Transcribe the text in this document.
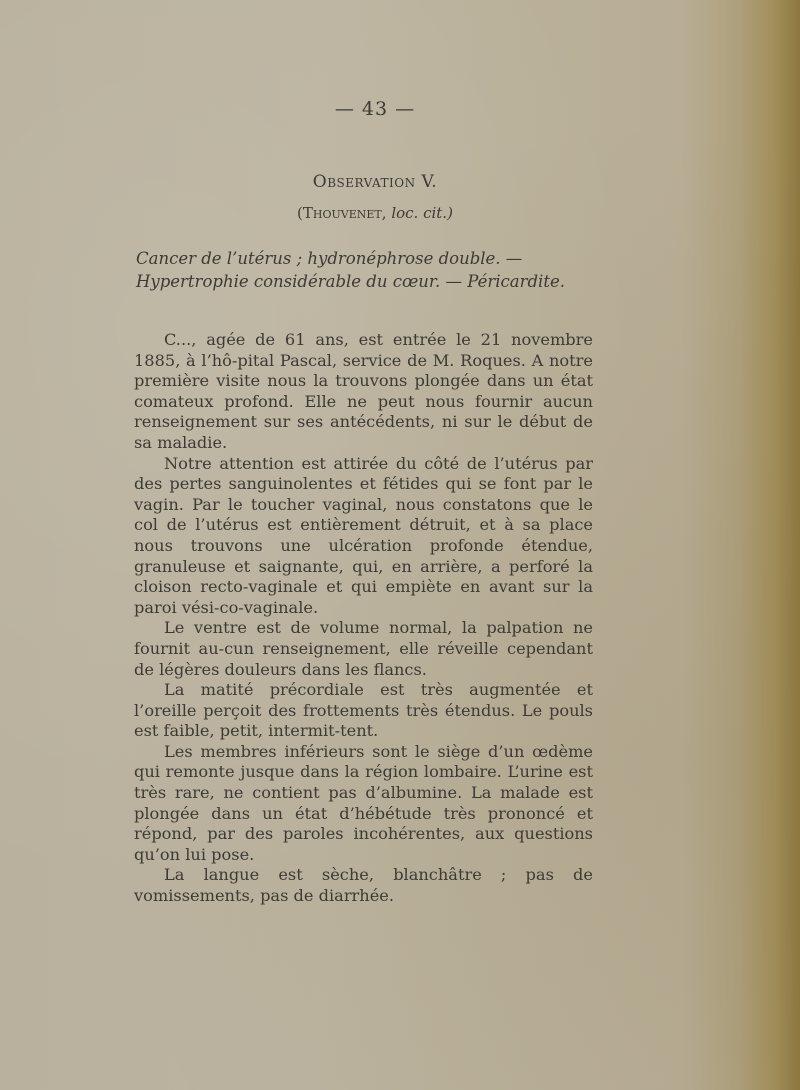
— 43 —
Observation V.
(Thouvenet, loc. cit.)
Cancer de l’utérus ; hydronéphrose double. — Hypertrophie considérable du cœur. — Péricardite.

C..., agée de 61 ans, est entrée le 21 novembre 1885, à l’hô-pital Pascal, service de M. Roques. A notre première visite nous la trouvons plongée dans un état comateux profond. Elle ne peut nous fournir aucun renseignement sur ses antécédents, ni sur le début de sa maladie.

Notre attention est attirée du côté de l’utérus par des pertes sanguinolentes et fétides qui se font par le vagin. Par le toucher vaginal, nous constatons que le col de l’utérus est entièrement détruit, et à sa place nous trouvons une ulcération profonde étendue, granuleuse et saignante, qui, en arrière, a perforé la cloison recto-vaginale et qui empiète en avant sur la paroi vési-co-vaginale.

Le ventre est de volume normal, la palpation ne fournit au-cun renseignement, elle réveille cependant de légères douleurs dans les flancs.

La matité précordiale est très augmentée et l’oreille perçoit des frottements très étendus. Le pouls est faible, petit, intermit-tent.

Les membres inférieurs sont le siège d’un œdème qui remonte jusque dans la région lombaire. L’urine est très rare, ne contient pas d’albumine. La malade est plongée dans un état d’hébétude très prononcé et répond, par des paroles incohérentes, aux questions qu’on lui pose.

La langue est sèche, blanchâtre ; pas de vomissements, pas de diarrhée.
